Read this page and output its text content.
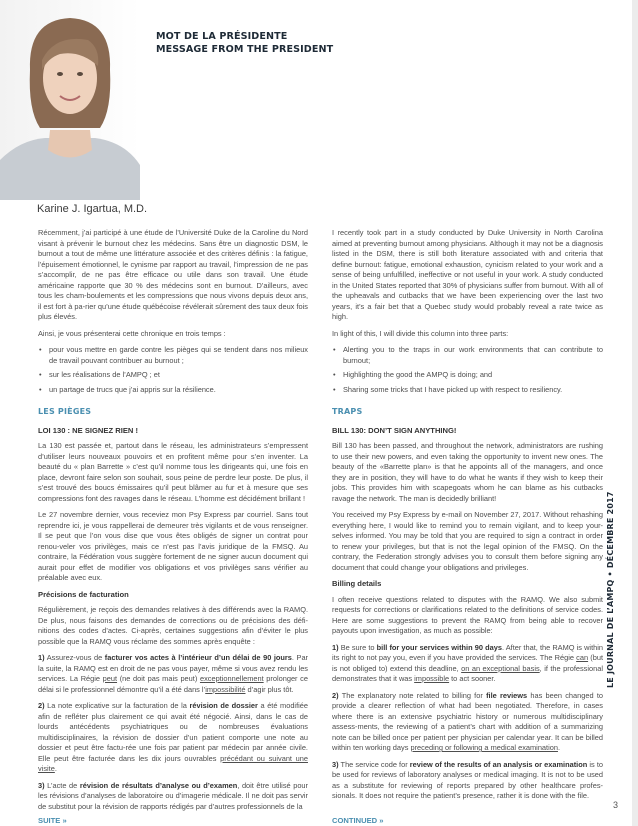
MOT DE LA PRÉSIDENTE
MESSAGE FROM THE PRESIDENT
Karine J. Igartua, M.D.

Récemment, j’ai participé à une étude de l’Université Duke de la Caroline du Nord visant à prévenir le burnout chez les médecins. Sans être un diagnostic DSM, le burnout a tout de même une littérature associée et des critères définis : la fatigue, l’épuisement émotionnel, le cynisme par rapport au travail, l’impression de ne pas s’accomplir, de ne pas être efficace ou utile dans son travail. Une étude américaine rapporte que 30 % des médecins sont en burnout. D’ailleurs, avec tous les cham-boulements et les compressions que nous vivons depuis deux ans, il est fort à pa-rier qu’une étude québécoise révélerait sûrement des taux deux fois plus élevés.

Ainsi, je vous présenterai cette chronique en trois temps :

• pour vous mettre en garde contre les pièges qui se tendent dans nos milieux de travail pouvant contribuer au burnout ;
• sur les réalisations de l’AMPQ ; et
• un partage de trucs que j’ai appris sur la résilience.
LES PIÈGES
LOI 130 : NE SIGNEZ RIEN !

La 130 est passée et, partout dans le réseau, les administrateurs s’empressent d’utiliser leurs nouveaux pouvoirs et en profitent même pour s’en inventer. La beauté du « plan Barrette » c’est qu’il nomme tous les dirigeants qui, une fois en place, devront faire selon son souhait, sous peine de perdre leur poste. De plus, il s’est trouvé des boucs émissaires qu’il peut blâmer au fur et à mesure que ses compressions font des ravages dans le réseau. L’homme est décidément brillant !

Le 27 novembre dernier, vous receviez mon Psy Express par courriel. Sans tout reprendre ici, je vous rappellerai de demeurer très vigilants et de vous renseigner. Il se peut que l’on vous dise que vous êtes obligés de signer un contrat pour renou-veler vos privilèges, mais ce n’est pas l’avis juridique de la FMSQ. Au contraire, la Fédération vous suggère fortement de ne signer aucun document qui aurait pour effet de modifier vos obligations et vos privilèges sans vérifier au préalable avec eux.

Précisions de facturation

Régulièrement, je reçois des demandes relatives à des différends avec la RAMQ. De plus, nous faisons des demandes de corrections ou de précisions des défi-nitions des codes d’actes. Ci-après, certaines suggestions afin d’éviter le plus possible que la RAMQ vous réclame des sommes après enquête :

1) Assurez-vous de facturer vos actes à l’intérieur d’un délai de 90 jours. Par la suite, la RAMQ est en droit de ne pas vous payer, même si vous avez rendu les services. La Régie peut (ne doit pas mais peut) exceptionnellement prolonger ce délai si le professionnel démontre qu’il a été dans l’impossibilité d’agir plus tôt.

2) La note explicative sur la facturation de la révision de dossier a été modifiée afin de refléter plus clairement ce qui avait été négocié. Ainsi, dans le cas de lourds antécédents psychiatriques ou de nombreuses évaluations multidisciplinaires, la révision de dossier d’un patient comporte une note au dossier et peut être factu-rée une fois par patient par médecin par année civile. Elle peut être facturée dans les dix jours ouvrables précédant ou suivant une visite.

3) L’acte de révision de résultats d’analyse ou d’examen, doit être utilisé pour les révisions d’analyses de laboratoire ou d’imagerie médicale. Il ne doit pas servir de substitut pour la révision de rapports rédigés par d’autres professionnels de la

I recently took part in a study conducted by Duke University in North Carolina aimed at preventing burnout among physicians. Although it may not be a diagnosis listed in the DSM, there is still both literature associated with and criteria that define burnout: fatigue, emotional exhaustion, cynicism related to your work and a sense of being unfulfilled, ineffective or not useful in your work. A study conducted in the United States reported that 30% of physicians suffer from burnout. With all of the upheavals and cutbacks that we have been experiencing over the last two years, it’s a fair bet that a Quebec study would probably reveal a rate twice as high.

In light of this, I will divide this column into three parts:

• Alerting you to the traps in our work environments that can contribute to burnout;
• Highlighting the good the AMPQ is doing; and
• Sharing some tricks that I have picked up with respect to resiliency.
TRAPS
BILL 130: DON’T SIGN ANYTHING!

Bill 130 has been passed, and throughout the network, administrators are rushing to use their new powers, and even taking the opportunity to invent new ones. The beauty of the «Barrette plan» is that he appoints all of the managers, and once they are in position, they will have to do what he wants if they wish to keep their jobs. This provides him with scapegoats whom he can blame as his cutbacks ravage the network. The man is decidedly brilliant!

You received my Psy Express by e-mail on November 27, 2017. Without rehashing everything here, I would like to remind you to remain vigilant, and to keep your-selves informed. You may be told that you are required to sign a contract in order to renew your privileges, but that is not the legal opinion of the FMSQ. On the contrary, the Federation strongly advises you to consult them before signing any document that could change your obligations and privileges.

Billing details

I often receive questions related to disputes with the RAMQ. We also submit requests for corrections or clarifications related to the definitions of service codes. Here are some suggestions to prevent the RAMQ from being able to recover payouts upon investigation, as much as possible:

1) Be sure to bill for your services within 90 days. After that, the RAMQ is within its right to not pay you, even if you have provided the services. The Régie can (but is not obliged to) extend this deadline, on an exceptional basis, if the professional demonstrates that it was impossible to act sooner.

2) The explanatory note related to billing for file reviews has been changed to provide a clearer reflection of what had been negotiated. Therefore, in cases where there is an extensive psychiatric history or numerous multidisciplinary assess-ments, the reviewing of a patient’s chart with addition of a summarizing note can be billed once per patient per physician per calendar year. It can be billed within ten working days preceding or following a medical examination.

3) The service code for review of the results of an analysis or examination is to be used for reviews of laboratory analyses or medical imaging. It is not to be used as a substitute for reviewing of reports prepared by other healthcare profes-sionals. It does not require the patient’s presence, rather it is done with the file.

SUITE »	CONTINUED »
LE JOURNAL DE L’AMPQ • DÉCEMBRE 2017
3
